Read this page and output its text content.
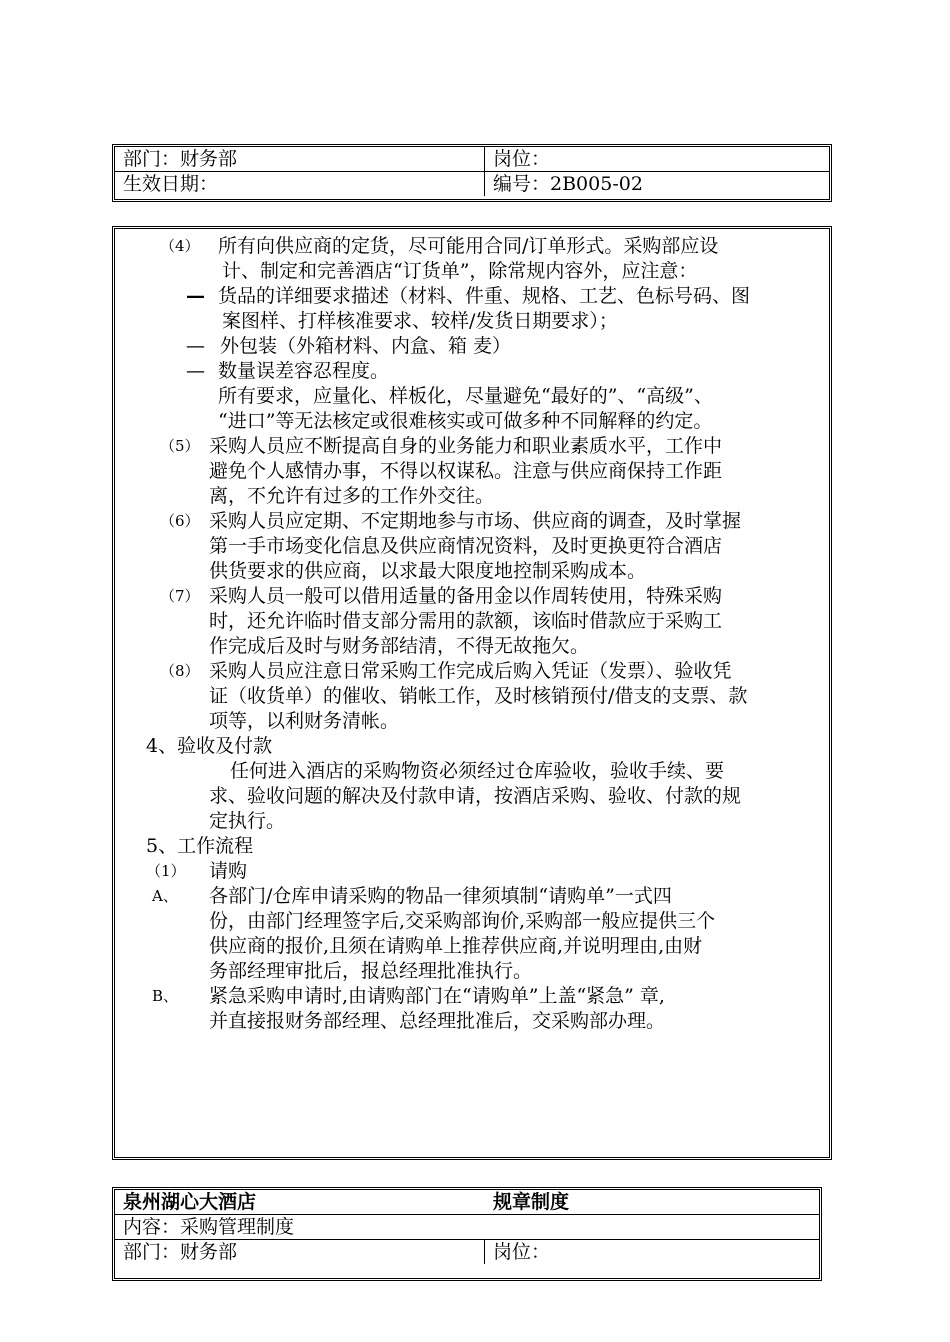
部门：财务部	岗位：
生效日期：	编号：2B005-02
（4） 所有向供应商的定货，尽可能用合同/订单形式。采购部应设
计、制定和完善酒店“订货单”，除常规内容外，应注意：
— 货品的详细要求描述（材料、件重、规格、工艺、色标号码、图
案图样、打样核准要求、较样/发货日期要求）；
— 外包装（外箱材料、内盒、箱 麦）
— 数量误差容忍程度。
所有要求，应量化、样板化，尽量避免“最好的”、“高级”、
“进口”等无法核定或很难核实或可做多种不同解释的约定。
（5） 采购人员应不断提高自身的业务能力和职业素质水平，工作中
避免个人感情办事，不得以权谋私。注意与供应商保持工作距
离，不允许有过多的工作外交往。
（6） 采购人员应定期、不定期地参与市场、供应商的调查，及时掌握
第一手市场变化信息及供应商情况资料，及时更换更符合酒店
供货要求的供应商，以求最大限度地控制采购成本。
（7） 采购人员一般可以借用适量的备用金以作周转使用，特殊采购
时，还允许临时借支部分需用的款额，该临时借款应于采购工
作完成后及时与财务部结清，不得无故拖欠。
（8） 采购人员应注意日常采购工作完成后购入凭证（发票）、验收凭
证（收货单）的催收、销帐工作，及时核销预付/借支的支票、款
项等，以利财务清帐。
4、验收及付款
任何进入酒店的采购物资必须经过仓库验收，验收手续、要
求、验收问题的解决及付款申请，按酒店采购、验收、付款的规
定执行。
5、工作流程
（1） 请购
A、 各部门/仓库申请采购的物品一律须填制“请购单”一式四
份，由部门经理签字后,交采购部询价,采购部一般应提供三个
供应商的报价,且须在请购单上推荐供应商,并说明理由,由财
务部经理审批后，报总经理批准执行。
B、 紧急采购申请时,由请购部门在“请购单”上盖“紧急” 章,
并直接报财务部经理、总经理批准后，交采购部办理。
泉州湖心大酒店	规章制度
内容：采购管理制度
部门：财务部	岗位：
